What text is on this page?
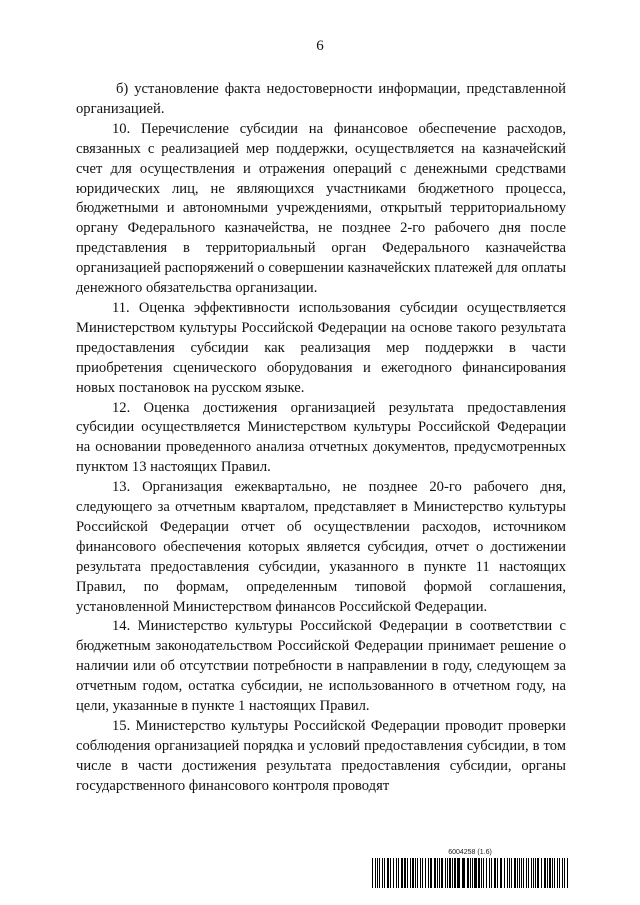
6

б) установление факта недостоверности информации, представленной организацией.

10. Перечисление субсидии на финансовое обеспечение расходов, связанных с реализацией мер поддержки, осуществляется на казначейский счет для осуществления и отражения операций с денежными средствами юридических лиц, не являющихся участниками бюджетного процесса, бюджетными и автономными учреждениями, открытый территориальному органу Федерального казначейства, не позднее 2-го рабочего дня после представления в территориальный орган Федерального казначейства организацией распоряжений о совершении казначейских платежей для оплаты денежного обязательства организации.

11. Оценка эффективности использования субсидии осуществляется Министерством культуры Российской Федерации на основе такого результата предоставления субсидии как реализация мер поддержки в части приобретения сценического оборудования и ежегодного финансирования новых постановок на русском языке.

12. Оценка достижения организацией результата предоставления субсидии осуществляется Министерством культуры Российской Федерации на основании проведенного анализа отчетных документов, предусмотренных пунктом 13 настоящих Правил.

13. Организация ежеквартально, не позднее 20-го рабочего дня, следующего за отчетным кварталом, представляет в Министерство культуры Российской Федерации отчет об осуществлении расходов, источником финансового обеспечения которых является субсидия, отчет о достижении результата предоставления субсидии, указанного в пункте 11 настоящих Правил, по формам, определенным типовой формой соглашения, установленной Министерством финансов Российской Федерации.

14. Министерство культуры Российской Федерации в соответствии с бюджетным законодательством Российской Федерации принимает решение о наличии или об отсутствии потребности в направлении в году, следующем за отчетным годом, остатка субсидии, не использованного в отчетном году, на цели, указанные в пункте 1 настоящих Правил.

15. Министерство культуры Российской Федерации проводит проверки соблюдения организацией порядка и условий предоставления субсидии, в том числе в части достижения результата предоставления субсидии, органы государственного финансового контроля проводят

6004258 (1.6)
